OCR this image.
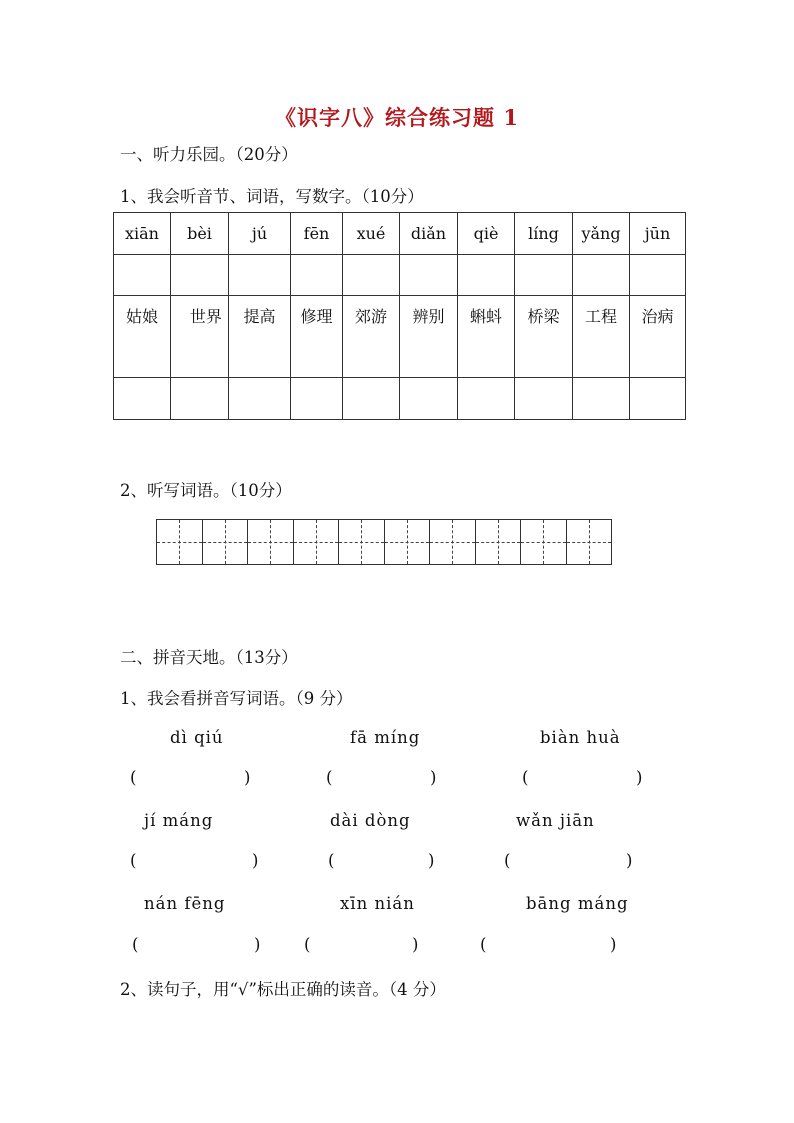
《识字八》综合练习题 1
一、听力乐园。（20分）
1、我会听音节、词语，写数字。（10分）
xiān	bèi	jú	fēn	xué	diǎn	qiè	líng	yǎng	jūn

姑娘	世界	提高	修理	郊游	辨别	蝌蚪	桥梁	工程	治病

2、听写词语。（10分）
二、拼音天地。（13分）
1、我会看拼音写词语。（9 分）
dì qiú	fā míng	biàn huà
(	)	(	)	(	)
jí máng	dài dòng	wǎn jiān
(	)	(	)	(	)
nán fēng	xīn nián	bāng máng
(	)	(	)	(	)
2、读句子，用“√”标出正确的读音。（4 分）
